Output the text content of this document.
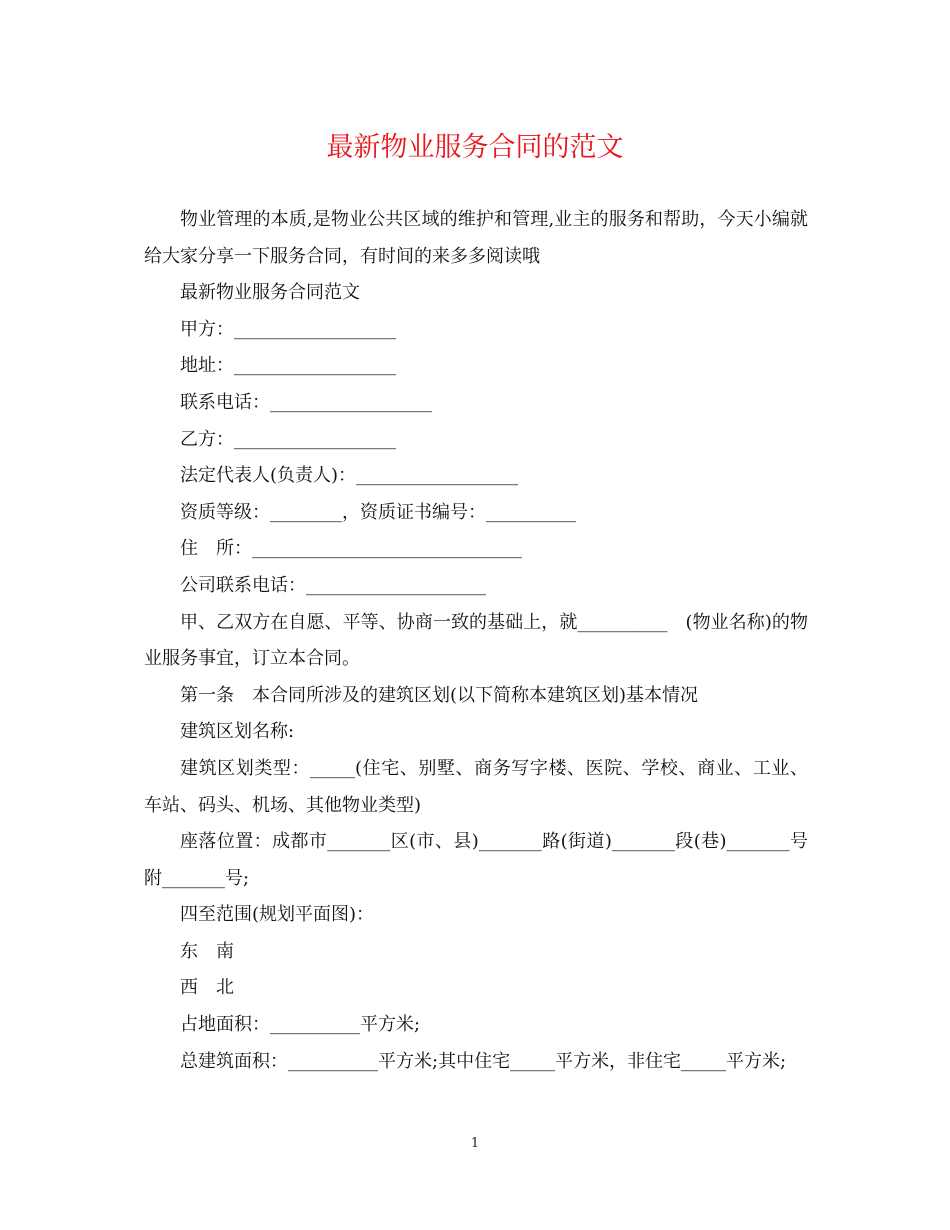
最新物业服务合同的范文

物业管理的本质,是物业公共区域的维护和管理,业主的服务和帮助，今天小编就给大家分享一下服务合同，有时间的来多多阅读哦

最新物业服务合同范文

甲方：__________________

地址：__________________

联系电话：__________________

乙方：__________________

法定代表人(负责人)：__________________

资质等级：________，资质证书编号：__________

住　所：______________________________

公司联系电话：____________________

甲、乙双方在自愿、平等、协商一致的基础上，就__________　(物业名称)的物业服务事宜，订立本合同。

第一条　本合同所涉及的建筑区划(以下简称本建筑区划)基本情况

建筑区划名称:

建筑区划类型：_____(住宅、别墅、商务写字楼、医院、学校、商业、工业、车站、码头、机场、其他物业类型)

座落位置：成都市_______区(市、县)_______路(街道)_______段(巷)_______号附_______号;

四至范围(规划平面图)：

东　南

西　北

占地面积：__________平方米;

总建筑面积：__________平方米;其中住宅_____平方米，非住宅_____平方米;

1
